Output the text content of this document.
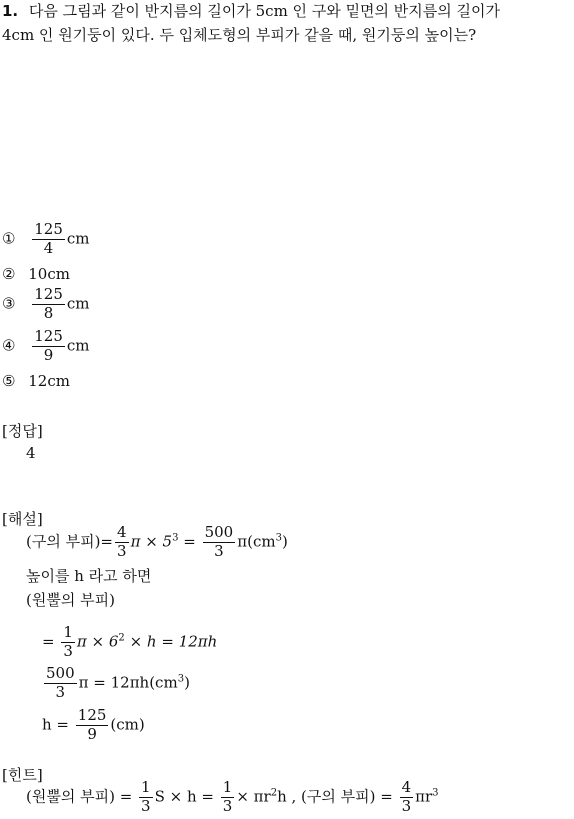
1. 다음 그림과 같이 반지름의 길이가 5cm 인 구와 밑면의 반지름의 길이가
4cm 인 원기둥이 있다. 두 입체도형의 부피가 같을 때, 원기둥의 높이는?
① $\frac{125}{4}$ cm
② 10cm
③ $\frac{125}{8}$ cm
④ $\frac{125}{9}$ cm
⑤ 12cm
[정답]
4
[해설]
(구의 부피)= $\frac{4}{3}$ $\pi \times 5^3 = \frac{500}{3} \pi(cm^3)$
높이를 h 라고 하면
(원뿔의 부피)
= $\frac{1}{3}$ $\pi \times 6^2 \times h = 12\pi h$
$\frac{500}{3}$ $\pi = 12\pi h(cm^3)$
$h = \frac{125}{9} (cm)$
[힌트]
(원뿔의 부피) = $\frac{1}{3}$ $S \times h = \frac{1}{3} \times \pi r^2h$ , (구의 부피) = $\frac{4}{3} \pi r^3$
